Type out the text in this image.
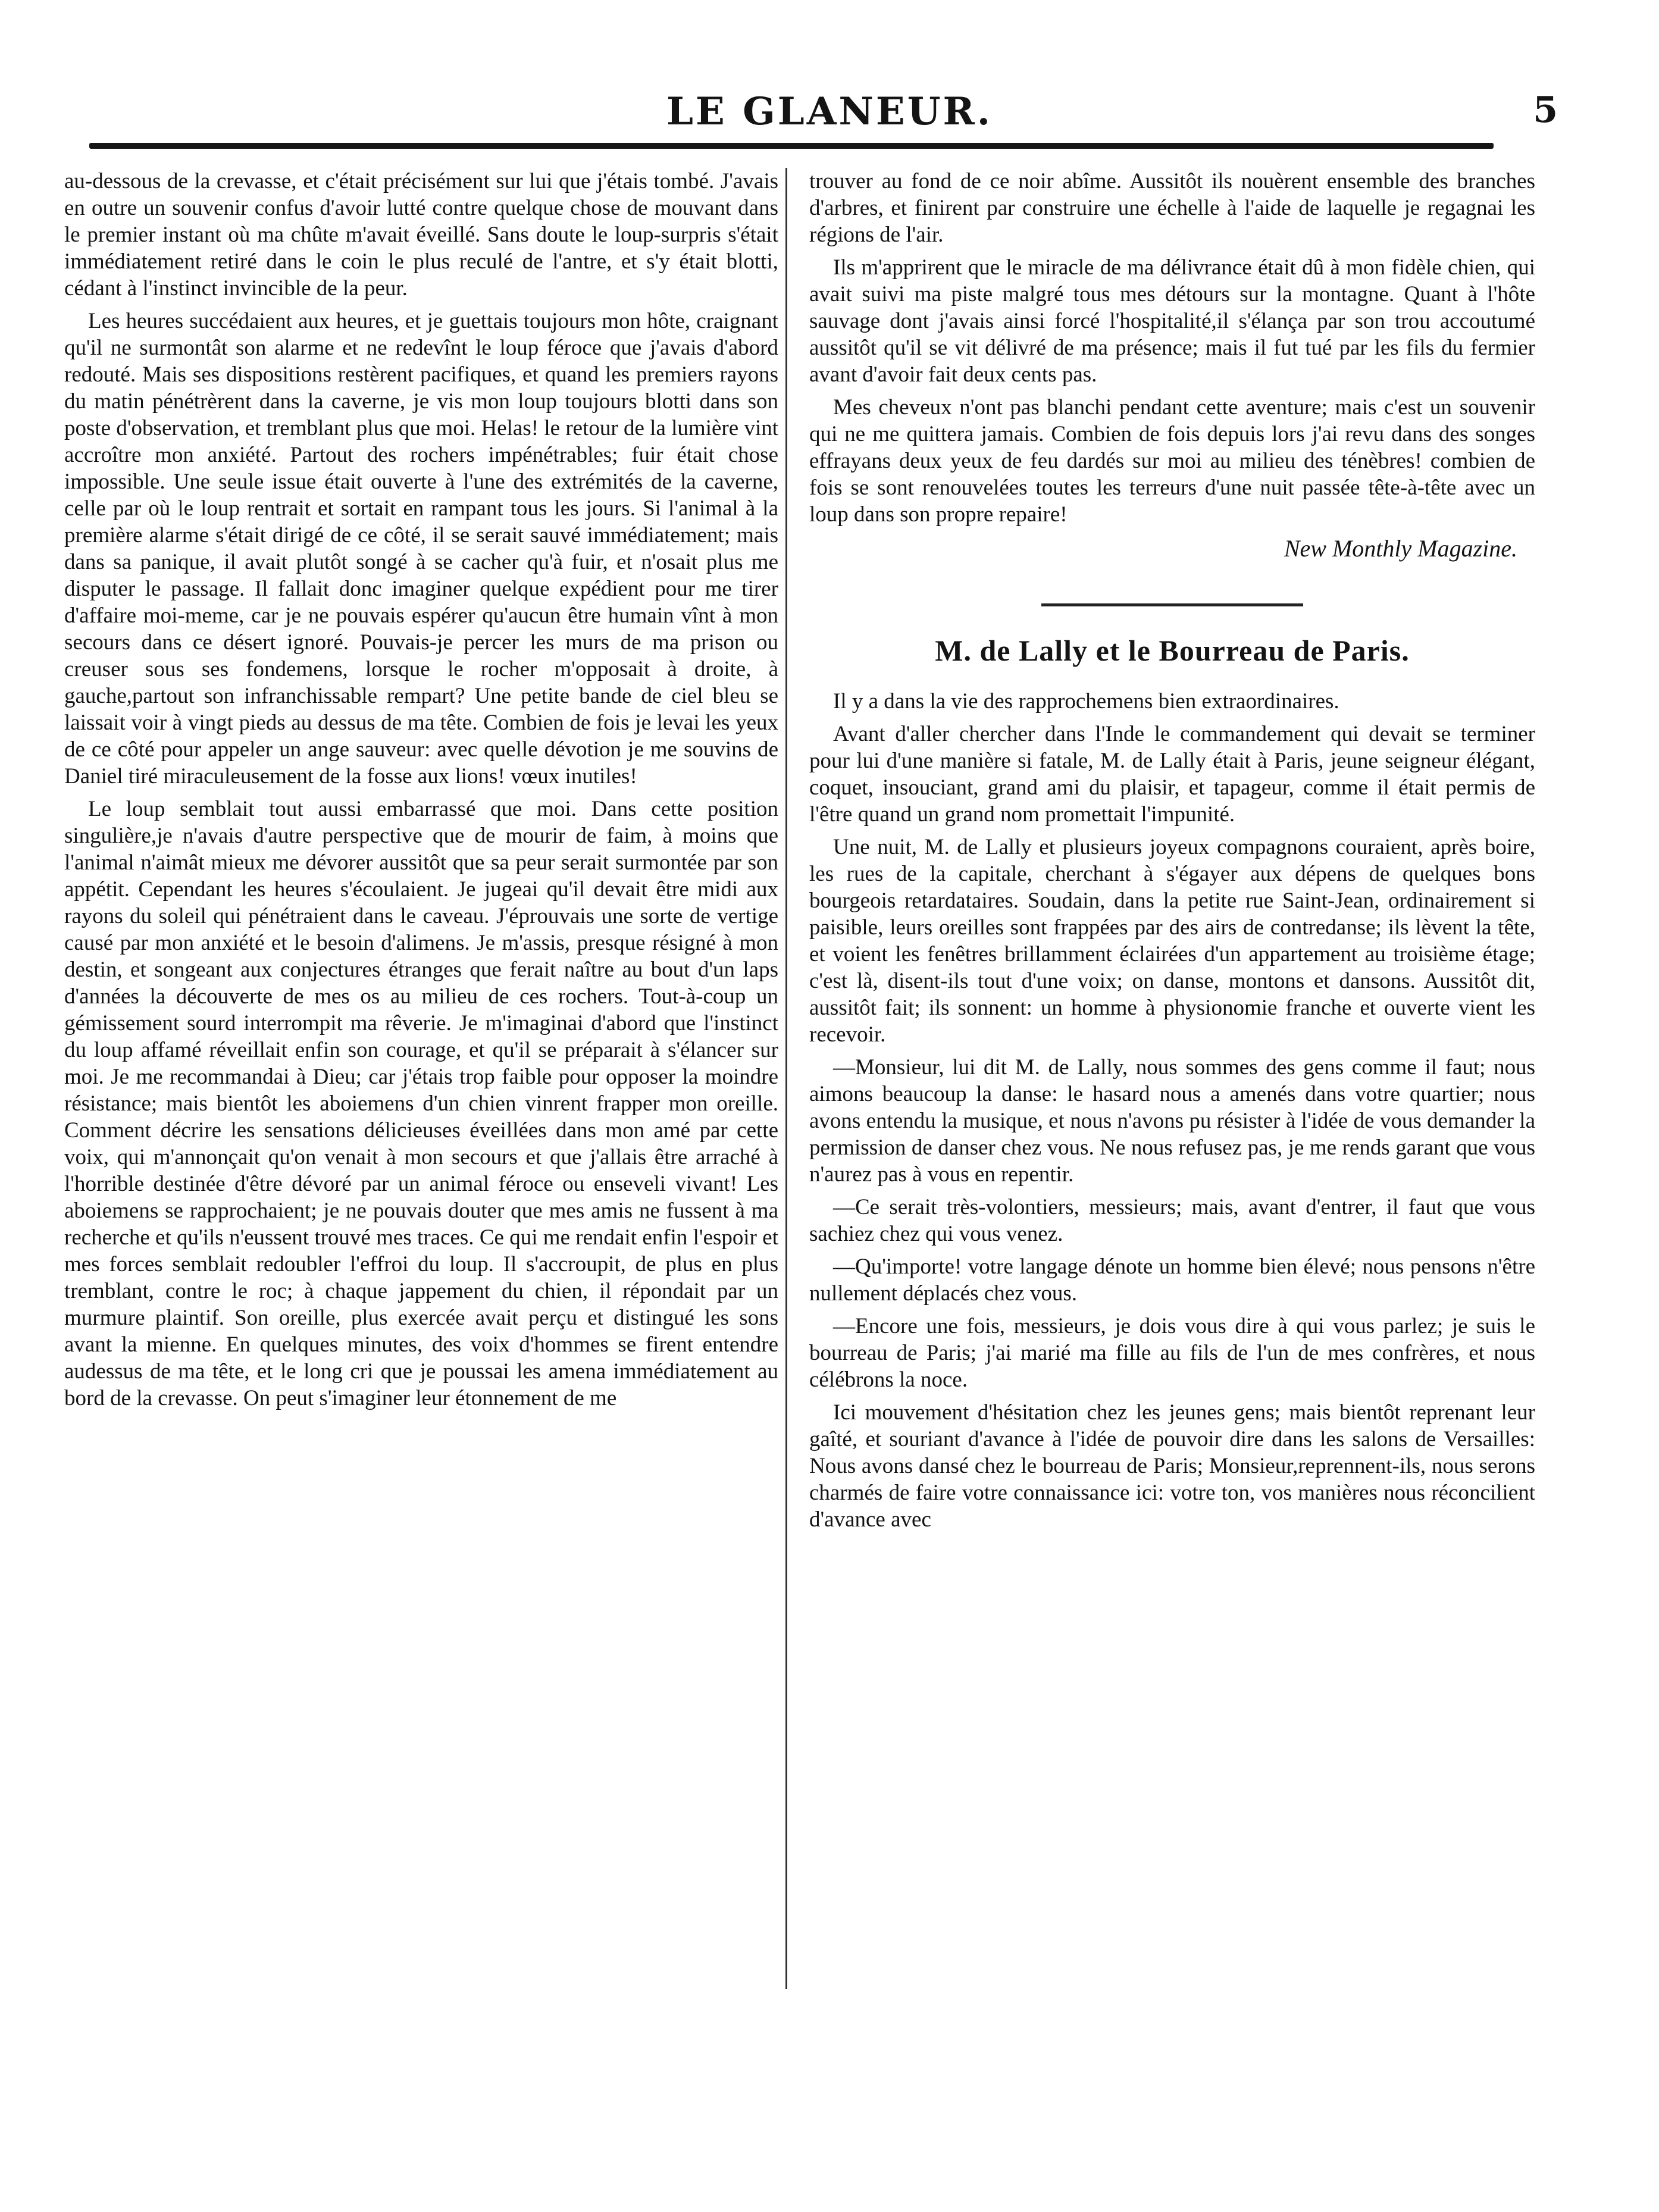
LE GLANEUR.	5

au-dessous de la crevasse, et c'était précisément sur lui que j'étais tombé. J'avais en outre un souvenir confus d'avoir lutté contre quelque chose de mouvant dans le premier instant où ma chûte m'avait éveillé. Sans doute le loup-surpris s'était immédiatement retiré dans le coin le plus reculé de l'antre, et s'y était blotti, cédant à l'instinct invincible de la peur.

Les heures succédaient aux heures, et je guettais toujours mon hôte, craignant qu'il ne surmontât son alarme et ne redevînt le loup féroce que j'avais d'abord redouté. Mais ses dispositions restèrent pacifiques, et quand les premiers rayons du matin pénétrèrent dans la caverne, je vis mon loup toujours blotti dans son poste d'observation, et tremblant plus que moi. Helas! le retour de la lumière vint accroître mon anxiété. Partout des rochers impénétrables; fuir était chose impossible. Une seule issue était ouverte à l'une des extrémités de la caverne, celle par où le loup rentrait et sortait en rampant tous les jours. Si l'animal à la première alarme s'était dirigé de ce côté, il se serait sauvé immédiatement; mais dans sa panique, il avait plutôt songé à se cacher qu'à fuir, et n'osait plus me disputer le passage. Il fallait donc imaginer quelque expédient pour me tirer d'affaire moi-meme, car je ne pouvais espérer qu'aucun être humain vînt à mon secours dans ce désert ignoré. Pouvais-je percer les murs de ma prison ou creuser sous ses fondemens, lorsque le rocher m'opposait à droite, à gauche,partout son infranchissable rempart? Une petite bande de ciel bleu se laissait voir à vingt pieds au dessus de ma tête. Combien de fois je levai les yeux de ce côté pour appeler un ange sauveur: avec quelle dévotion je me souvins de Daniel tiré miraculeusement de la fosse aux lions! vœux inutiles!

Le loup semblait tout aussi embarrassé que moi. Dans cette position singulière,je n'avais d'autre perspective que de mourir de faim, à moins que l'animal n'aimât mieux me dévorer aussitôt que sa peur serait surmontée par son appétit. Cependant les heures s'écoulaient. Je jugeai qu'il devait être midi aux rayons du soleil qui pénétraient dans le caveau. J'éprouvais une sorte de vertige causé par mon anxiété et le besoin d'alimens. Je m'assis, presque résigné à mon destin, et songeant aux conjectures étranges que ferait naître au bout d'un laps d'années la découverte de mes os au milieu de ces rochers. Tout-à-coup un gémissement sourd interrompit ma rêverie. Je m'imaginai d'abord que l'instinct du loup affamé réveillait enfin son courage, et qu'il se préparait à s'élancer sur moi. Je me recommandai à Dieu; car j'étais trop faible pour opposer la moindre résistance; mais bientôt les aboiemens d'un chien vinrent frapper mon oreille. Comment décrire les sensations délicieuses éveillées dans mon amé par cette voix, qui m'annonçait qu'on venait à mon secours et que j'allais être arraché à l'horrible destinée d'être dévoré par un animal féroce ou enseveli vivant! Les aboiemens se rapprochaient; je ne pouvais douter que mes amis ne fussent à ma recherche et qu'ils n'eussent trouvé mes traces. Ce qui me rendait enfin l'espoir et mes forces semblait redoubler l'effroi du loup. Il s'accroupit, de plus en plus tremblant, contre le roc; à chaque jappement du chien, il répondait par un murmure plaintif. Son oreille, plus exercée avait perçu et distingué les sons avant la mienne. En quelques minutes, des voix d'hommes se firent entendre audessus de ma tête, et le long cri que je poussai les amena immédiatement au bord de la crevasse. On peut s'imaginer leur étonnement de me

trouver au fond de ce noir abîme. Aussitôt ils nouèrent ensemble des branches d'arbres, et finirent par construire une échelle à l'aide de laquelle je regagnai les régions de l'air.

Ils m'apprirent que le miracle de ma délivrance était dû à mon fidèle chien, qui avait suivi ma piste malgré tous mes détours sur la montagne. Quant à l'hôte sauvage dont j'avais ainsi forcé l'hospitalité,il s'élança par son trou accoutumé aussitôt qu'il se vit délivré de ma présence; mais il fut tué par les fils du fermier avant d'avoir fait deux cents pas.

Mes cheveux n'ont pas blanchi pendant cette aventure; mais c'est un souvenir qui ne me quittera jamais. Combien de fois depuis lors j'ai revu dans des songes effrayans deux yeux de feu dardés sur moi au milieu des ténèbres! combien de fois se sont renouvelées toutes les terreurs d'une nuit passée tête-à-tête avec un loup dans son propre repaire!

New Monthly Magazine.
M. de Lally et le Bourreau de Paris.

Il y a dans la vie des rapprochemens bien extraordinaires.

Avant d'aller chercher dans l'Inde le commandement qui devait se terminer pour lui d'une manière si fatale, M. de Lally était à Paris, jeune seigneur élégant, coquet, insouciant, grand ami du plaisir, et tapageur, comme il était permis de l'être quand un grand nom promettait l'impunité.

Une nuit, M. de Lally et plusieurs joyeux compagnons couraient, après boire, les rues de la capitale, cherchant à s'égayer aux dépens de quelques bons bourgeois retardataires. Soudain, dans la petite rue Saint-Jean, ordinairement si paisible, leurs oreilles sont frappées par des airs de contredanse; ils lèvent la tête, et voient les fenêtres brillamment éclairées d'un appartement au troisième étage; c'est là, disent-ils tout d'une voix; on danse, montons et dansons. Aussitôt dit, aussitôt fait; ils sonnent: un homme à physionomie franche et ouverte vient les recevoir.

—Monsieur, lui dit M. de Lally, nous sommes des gens comme il faut; nous aimons beaucoup la danse: le hasard nous a amenés dans votre quartier; nous avons entendu la musique, et nous n'avons pu résister à l'idée de vous demander la permission de danser chez vous. Ne nous refusez pas, je me rends garant que vous n'aurez pas à vous en repentir.

—Ce serait très-volontiers, messieurs; mais, avant d'entrer, il faut que vous sachiez chez qui vous venez.

—Qu'importe! votre langage dénote un homme bien élevé; nous pensons n'être nullement déplacés chez vous.

—Encore une fois, messieurs, je dois vous dire à qui vous parlez; je suis le bourreau de Paris; j'ai marié ma fille au fils de l'un de mes confrères, et nous célébrons la noce.

Ici mouvement d'hésitation chez les jeunes gens; mais bientôt reprenant leur gaîté, et souriant d'avance à l'idée de pouvoir dire dans les salons de Versailles: Nous avons dansé chez le bourreau de Paris; Monsieur,reprennent-ils, nous serons charmés de faire votre connaissance ici: votre ton, vos manières nous réconcilient d'avance avec
